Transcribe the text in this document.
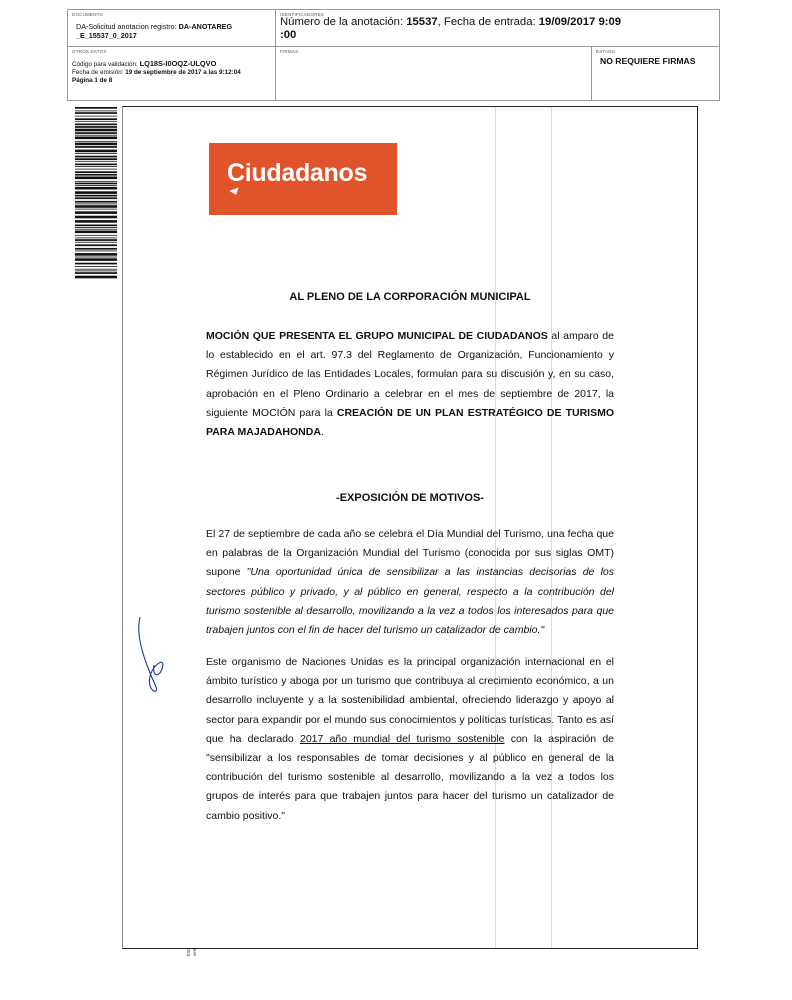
DOCUMENTO
DA-Solicitud anotacion registro: DA-ANOTAREG
_E_15537_0_2017
IDENTIFICADORES
Número de la anotación: 15537, Fecha de entrada: 19/09/2017 9:09
:00
OTROS DATOS
Código para validación: LQ18S-I0OQZ-ULQVO
Fecha de emisión: 19 de septiembre de 2017 a las 9:12:04
Página 1 de 8
FIRMAS	ESTADO
NO REQUIERE FIRMAS
Ciudadanos
AL PLENO DE LA CORPORACIÓN MUNICIPAL
MOCIÓN QUE PRESENTA EL GRUPO MUNICIPAL DE CIUDADANOS al amparo de lo establecido en el art. 97.3 del Reglamento de Organización, Funcionamiento y Régimen Jurídico de las Entidades Locales, formulan para su discusión y, en su caso, aprobación en el Pleno Ordinario a celebrar en el mes de septiembre de 2017, la siguiente MOCIÓN para la CREACIÓN DE UN PLAN ESTRATÉGICO DE TURISMO PARA MAJADAHONDA.
-EXPOSICIÓN DE MOTIVOS-
El 27 de septiembre de cada año se celebra el Día Mundial del Turismo, una fecha que en palabras de la Organización Mundial del Turismo (conocida por sus siglas OMT) supone "Una oportunidad única de sensibilizar a las instancias decisorias de los sectores público y privado, y al público en general, respecto a la contribución del turismo sostenible al desarrollo, movilizando a la vez a todos los interesados para que trabajen juntos con el fin de hacer del turismo un catalizador de cambio."
Este organismo de Naciones Unidas es la principal organización internacional en el ámbito turístico y aboga por un turismo que contribuya al crecimiento económico, a un desarrollo incluyente y a la sostenibilidad ambiental, ofreciendo liderazgo y apoyo al sector para expandir por el mundo sus conocimientos y políticas turísticas. Tanto es así que ha declarado 2017 año mundial del turismo sostenible con la aspiración de "sensibilizar a los responsables de tomar decisiones y al público en general de la contribución del turismo sostenible al desarrollo, movilizando a la vez a todos los grupos de interés para que trabajen juntos para hacer del turismo un catalizador de cambio positivo."
